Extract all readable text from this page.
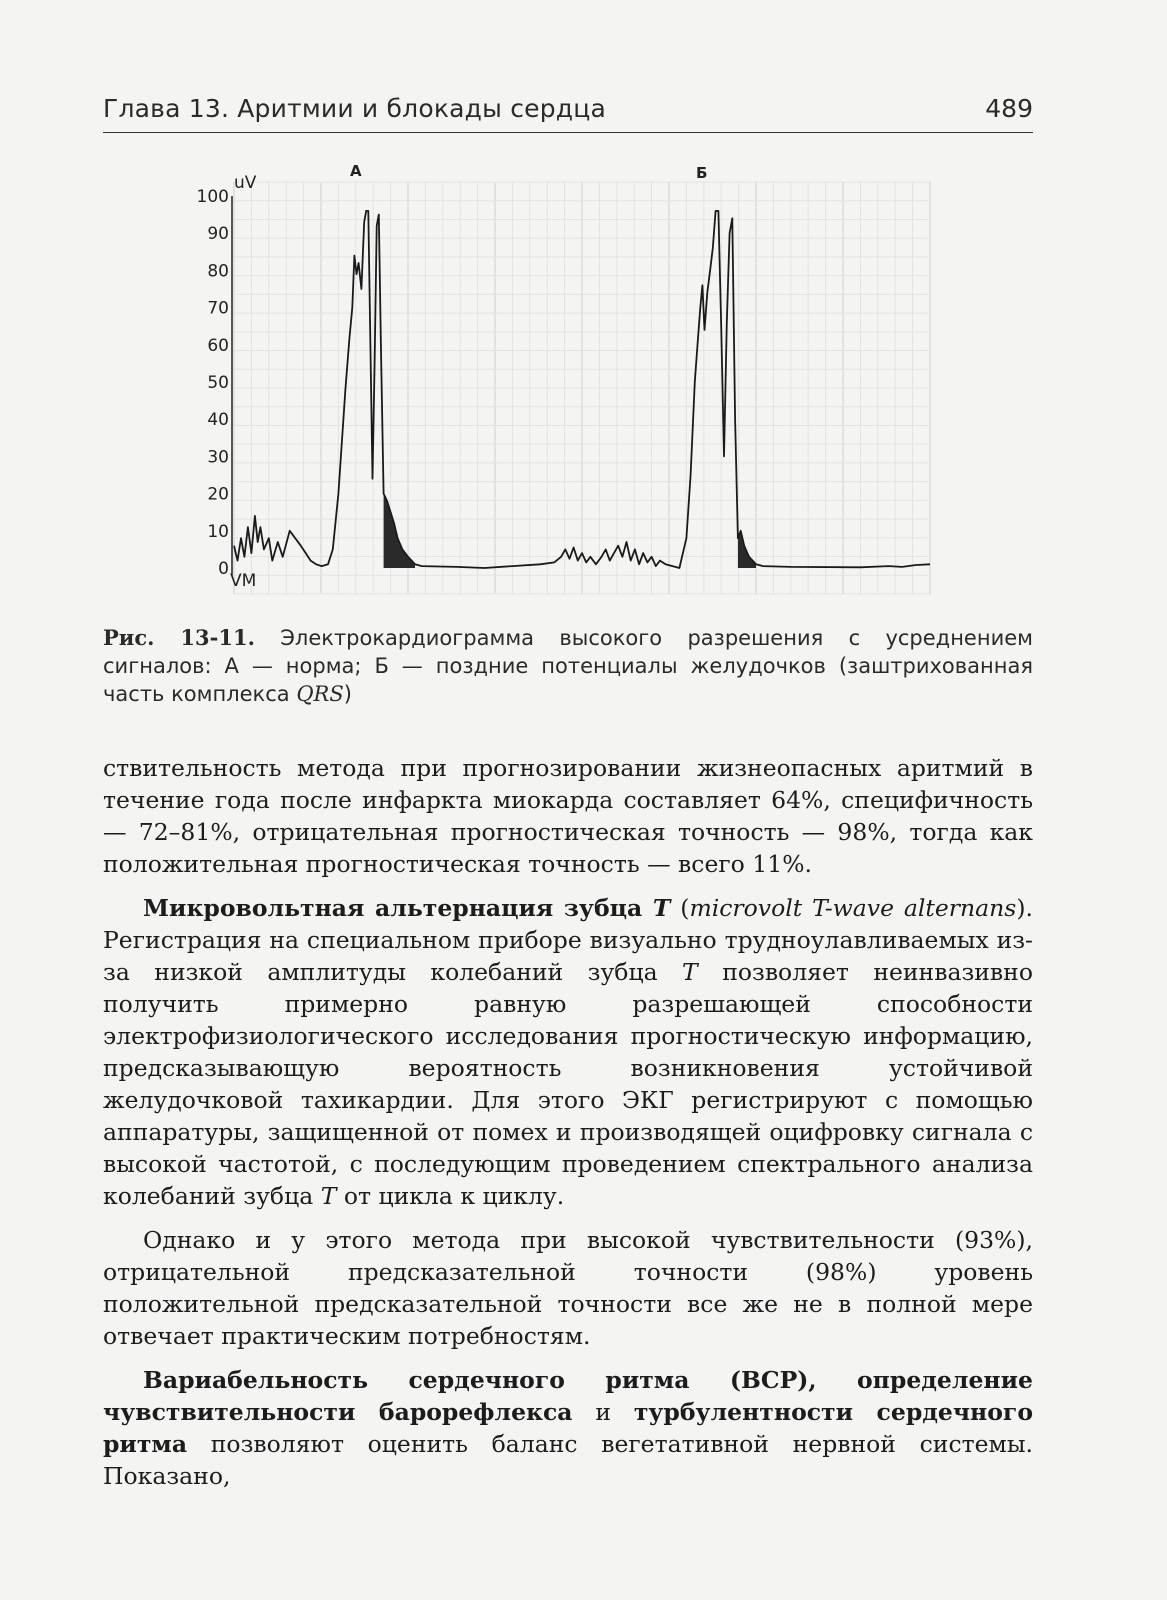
Глава 13. Аритмии и блокады сердца	489
100
90
80
70
60
50
40
30
20
10
0
uV
VM
А	Б
Рис. 13-11. Электрокардиограмма высокого разрешения с усреднением сигналов: А — норма; Б — поздние потенциалы желудочков (заштрихованная часть комплекса QRS)

ствительность метода при прогнозировании жизнеопасных аритмий в течение года после инфаркта миокарда составляет 64%, специфичность — 72–81%, отрицательная прогностическая точность — 98%, тогда как положительная прогностическая точность — всего 11%.

Микровольтная альтернация зубца T (microvolt T-wave alternans). Регистрация на специальном приборе визуально трудноулавливаемых из-за низкой амплитуды колебаний зубца T позволяет неинвазивно получить примерно равную разрешающей способности электрофизиологического исследования прогностическую информацию, предсказывающую вероятность возникновения устойчивой желудочковой тахикардии. Для этого ЭКГ регистрируют с помощью аппаратуры, защищенной от помех и производящей оцифровку сигнала с высокой частотой, с последующим проведением спектрального анализа колебаний зубца T от цикла к циклу.

Однако и у этого метода при высокой чувствительности (93%), отрицательной предсказательной точности (98%) уровень положительной предсказательной точности все же не в полной мере отвечает практическим потребностям.

Вариабельность сердечного ритма (ВСР), определение чувствительности барорефлекса и турбулентности сердечного ритма позволяют оценить баланс вегетативной нервной системы. Показано,
